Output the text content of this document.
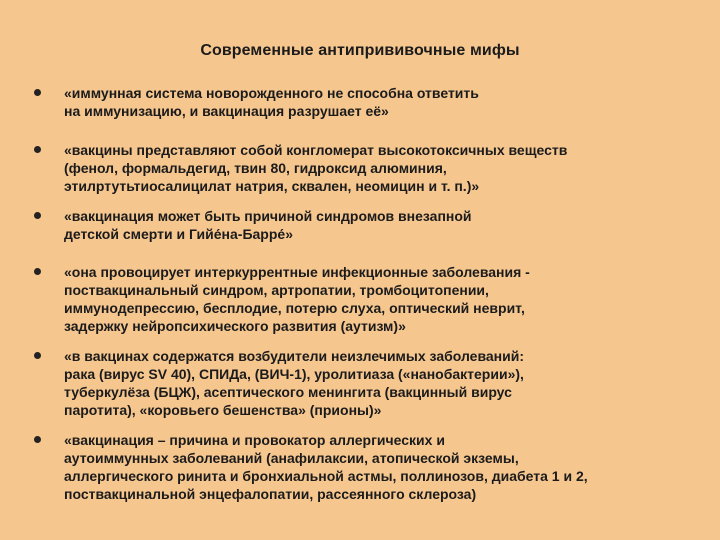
Современные антипрививочные мифы
«иммунная система новорожденного не способна ответить
на иммунизацию, и вакцинация разрушает её»
«вакцины представляют собой конгломерат высокотоксичных веществ
(фенол, формальдегид, твин 80, гидроксид алюминия,
этилртутьтиосалицилат натрия, сквален, неомицин и т. п.)»
«вакцинация может быть причиной синдромов внезапной
детской смерти и Гийе́на-Барре́»
«она провоцирует интеркуррентные инфекционные заболевания -
поствакцинальный синдром, артропатии, тромбоцитопении,
иммунодепрессию, бесплодие, потерю слуха, оптический неврит,
задержку нейропсихического развития (аутизм)»
«в вакцинах содержатся возбудители неизлечимых заболеваний:
рака (вирус SV 40), СПИДа, (ВИЧ-1), уролитиаза («нанобактерии»),
туберкулёза (БЦЖ), асептического менингита (вакцинный вирус
паротита), «коровьего бешенства» (прионы)»
«вакцинация – причина и провокатор аллергических и
аутоиммунных заболеваний (анафилаксии, атопической экземы,
аллергического ринита и бронхиальной астмы, поллинозов, диабета 1 и 2,
поствакцинальной энцефалопатии, рассеянного склероза)
